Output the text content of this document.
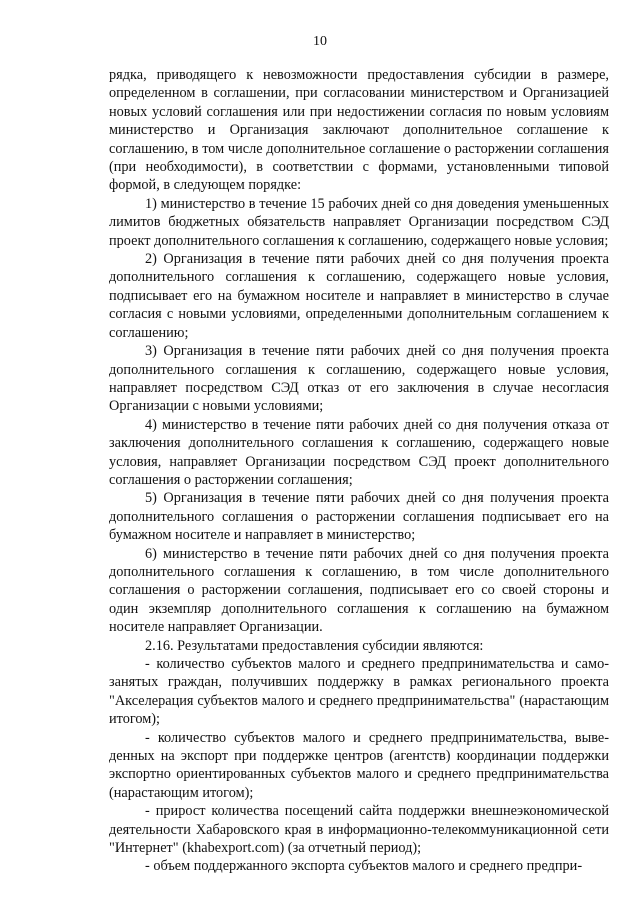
10

рядка, приводящего к невозможности предоставления субсидии в размере, определенном в соглашении, при согласовании министерством и Организацией новых условий соглашения или при недостижении согласия по новым условиям министерство и Организация заключают дополнительное соглашение к соглашению, в том числе дополнительное соглашение о расторжении соглашения (при необходимости), в соответствии с формами, установленными типовой формой, в следующем порядке:

1) министерство в течение 15 рабочих дней со дня доведения уменьшенных лимитов бюджетных обязательств направляет Организации посредством СЭД проект дополнительного соглашения к соглашению, содержащего новые условия;

2) Организация в течение пяти рабочих дней со дня получения проекта дополнительного соглашения к соглашению, содержащего новые условия, подписывает его на бумажном носителе и направляет в министерство в случае согласия с новыми условиями, определенными дополнительным соглашением к соглашению;

3) Организация в течение пяти рабочих дней со дня получения проекта дополнительного соглашения к соглашению, содержащего новые условия, направляет посредством СЭД отказ от его заключения в случае несогласия Организации с новыми условиями;

4) министерство в течение пяти рабочих дней со дня получения отказа от заключения дополнительного соглашения к соглашению, содержащего новые условия, направляет Организации посредством СЭД проект дополнительного соглашения о расторжении соглашения;

5) Организация в течение пяти рабочих дней со дня получения проекта дополнительного соглашения о расторжении соглашения подписывает его на бумажном носителе и направляет в министерство;

6) министерство в течение пяти рабочих дней со дня получения проекта дополнительного соглашения к соглашению, в том числе дополнительного соглашения о расторжении соглашения, подписывает его со своей стороны и один экземпляр дополнительного соглашения к соглашению на бумажном носителе направляет Организации.

2.16. Результатами предоставления субсидии являются:

- количество субъектов малого и среднего предпринимательства и самозанятых граждан, получивших поддержку в рамках регионального проекта "Акселерация субъектов малого и среднего предпринимательства" (нарастающим итогом);

- количество субъектов малого и среднего предпринимательства, выведенных на экспорт при поддержке центров (агентств) координации поддержки экспортно ориентированных субъектов малого и среднего предпринимательства (нарастающим итогом);

- прирост количества посещений сайта поддержки внешнеэкономической деятельности Хабаровского края в информационно-телекоммуникационной сети "Интернет" (khabexport.com) (за отчетный период);

- объем поддержанного экспорта субъектов малого и среднего предпри-
